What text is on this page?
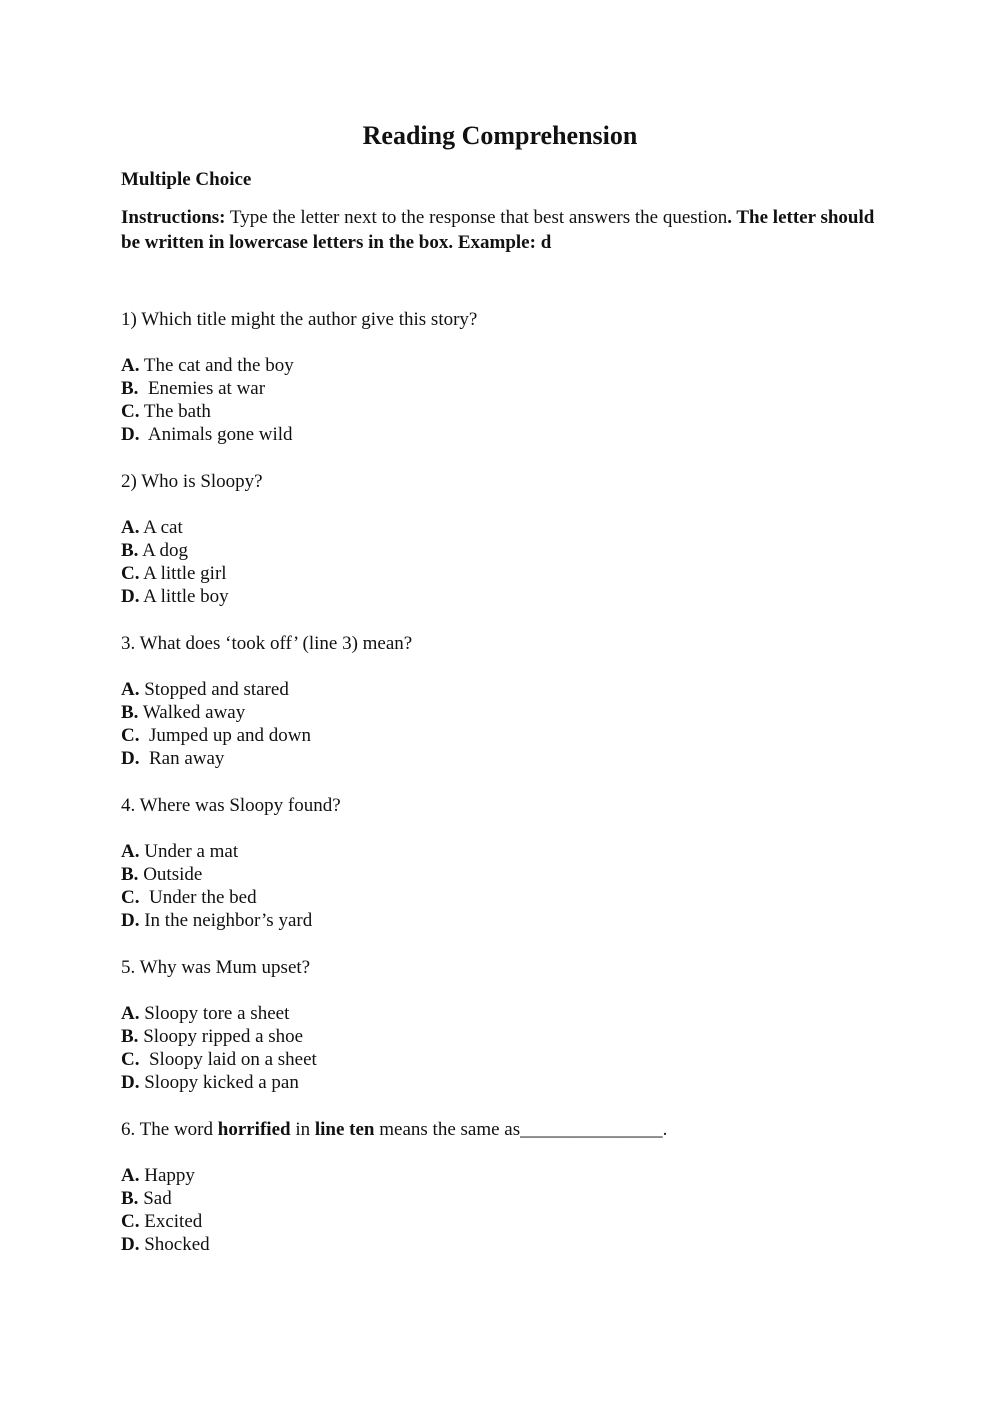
Reading Comprehension
Multiple Choice
Instructions: Type the letter next to the response that best answers the question. The letter should be written in lowercase letters in the box. Example: d
1) Which title might the author give this story?
A. The cat and the boy
B.  Enemies at war
C. The bath
D.  Animals gone wild
2) Who is Sloopy?
A. A cat
B. A dog
C. A little girl
D. A little boy
3. What does ‘took off’ (line 3) mean?
A. Stopped and stared
B. Walked away
C.  Jumped up and down
D.  Ran away
4. Where was Sloopy found?
A. Under a mat
B. Outside
C.  Under the bed
D. In the neighbor’s yard
5. Why was Mum upset?
A. Sloopy tore a sheet
B. Sloopy ripped a shoe
C.  Sloopy laid on a sheet
D. Sloopy kicked a pan
6. The word horrified in line ten means the same as_______________.
A. Happy
B. Sad
C. Excited
D. Shocked
